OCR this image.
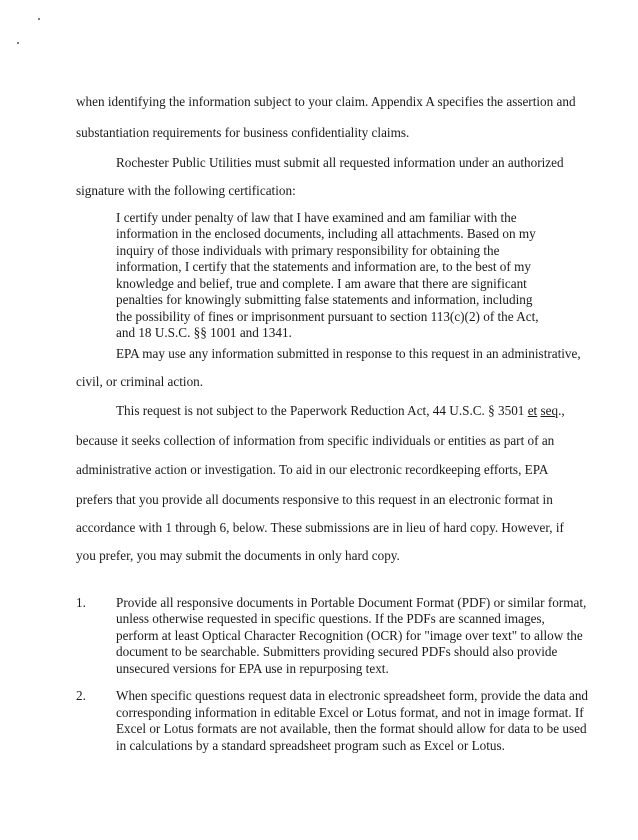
when identifying the information subject to your claim. Appendix A specifies the assertion and
substantiation requirements for business confidentiality claims.
Rochester Public Utilities must submit all requested information under an authorized
signature with the following certification:
I certify under penalty of law that I have examined and am familiar with the
information in the enclosed documents, including all attachments. Based on my
inquiry of those individuals with primary responsibility for obtaining the
information, I certify that the statements and information are, to the best of my
knowledge and belief, true and complete. I am aware that there are significant
penalties for knowingly submitting false statements and information, including
the possibility of fines or imprisonment pursuant to section 113(c)(2) of the Act,
and 18 U.S.C. §§ 1001 and 1341.
EPA may use any information submitted in response to this request in an administrative,
civil, or criminal action.
This request is not subject to the Paperwork Reduction Act, 44 U.S.C. § 3501 et seq.,
because it seeks collection of information from specific individuals or entities as part of an
administrative action or investigation. To aid in our electronic recordkeeping efforts, EPA
prefers that you provide all documents responsive to this request in an electronic format in
accordance with 1 through 6, below. These submissions are in lieu of hard copy. However, if
you prefer, you may submit the documents in only hard copy.
1. Provide all responsive documents in Portable Document Format (PDF) or similar format,
unless otherwise requested in specific questions. If the PDFs are scanned images,
perform at least Optical Character Recognition (OCR) for "image over text" to allow the
document to be searchable. Submitters providing secured PDFs should also provide
unsecured versions for EPA use in repurposing text.
2. When specific questions request data in electronic spreadsheet form, provide the data and
corresponding information in editable Excel or Lotus format, and not in image format. If
Excel or Lotus formats are not available, then the format should allow for data to be used
in calculations by a standard spreadsheet program such as Excel or Lotus.
